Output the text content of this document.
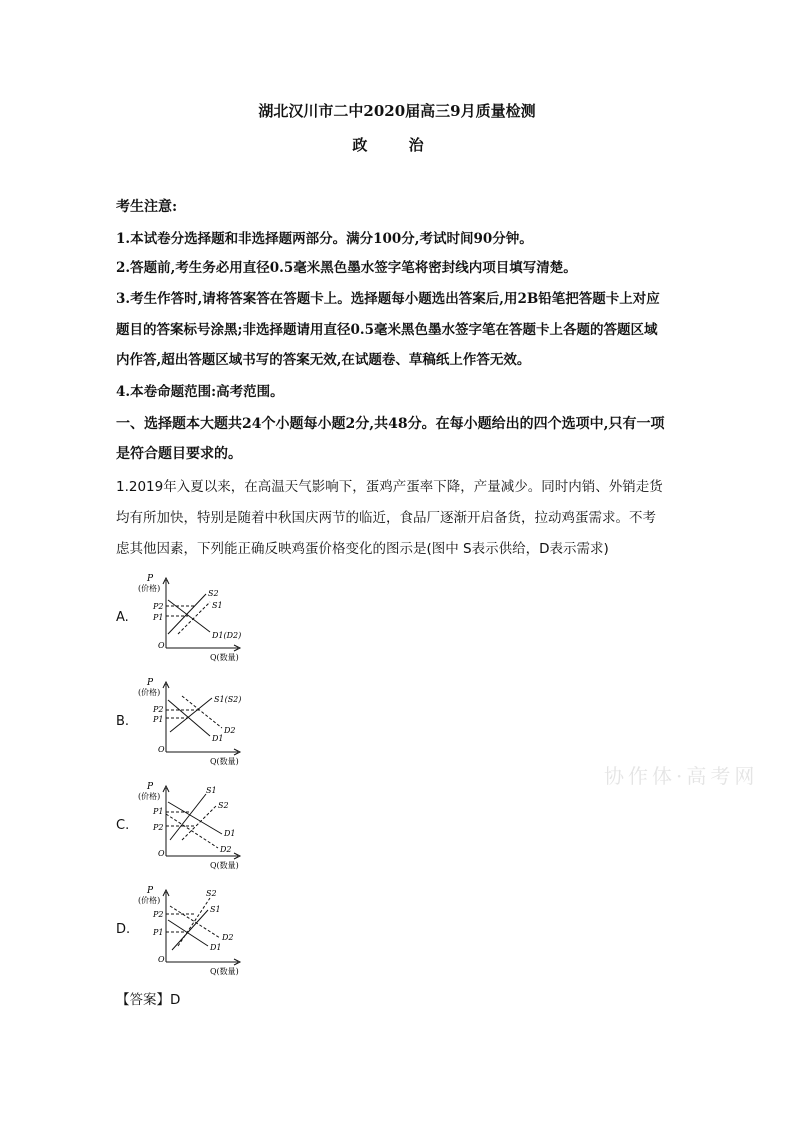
湖北汉川市二中2020届高三9月质量检测
政 治
考生注意:
1.本试卷分选择题和非选择题两部分。满分100分,考试时间90分钟。
2.答题前,考生务必用直径0.5毫米黑色墨水签字笔将密封线内项目填写清楚。
3.考生作答时,请将答案答在答题卡上。选择题每小题选出答案后,用2B铅笔把答题卡上对应
题目的答案标号涂黑;非选择题请用直径0.5毫米黑色墨水签字笔在答题卡上各题的答题区域
内作答,超出答题区域书写的答案无效,在试题卷、草稿纸上作答无效。
4.本卷命题范围:高考范围。
一、选择题本大题共24个小题每小题2分,共48分。在每小题给出的四个选项中,只有一项
是符合题目要求的。
1.2019年入夏以来，在高温天气影响下，蛋鸡产蛋率下降，产量减少。同时内销、外销走货
均有所加快，特别是随着中秋国庆两节的临近，食品厂逐渐开启备货，拉动鸡蛋需求。不考
虑其他因素，下列能正确反映鸡蛋价格变化的图示是(图中 S表示供给，D表示需求)
A.
P
(价格)
P2
P1
O
S2
S1
D1(D2)
Q(数量)
B.
P
(价格)
P2
P1
O
S1(S2)
D2
D1
Q(数量)
C.
P
(价格)
P1
P2
O
S1
S2
D1
D2
Q(数量)
D.
P
(价格)
P2
P1
O
S2
S1
D2
D1
Q(数量)
【答案】D
协作体·高考网
